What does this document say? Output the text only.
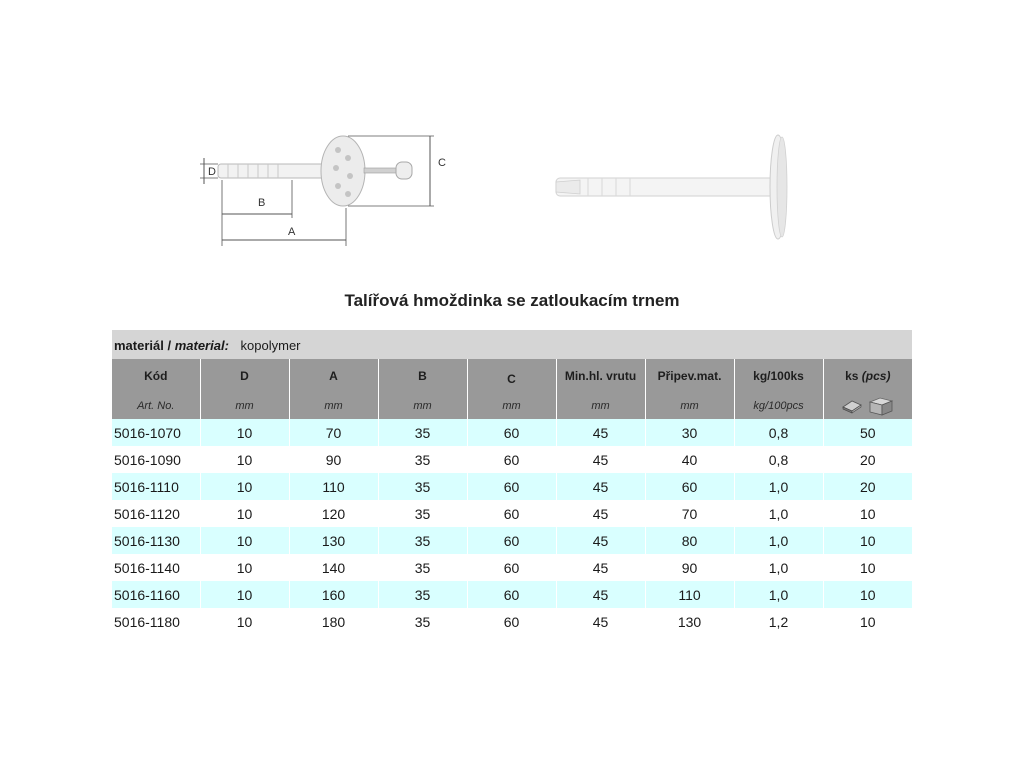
D
B
A
C
Talířová hmoždinka se zatloukacím trnem
materiál / material: kopolymer								
Kód	D	A	B	C	Min.hl. vrutu	Připev.mat.	kg/100ks	ks (pcs)
Art. No.	mm	mm	mm	mm	mm	mm	kg/100pcs	

5016-1070	10	70	35	60	45	30	0,8	50
5016-1090	10	90	35	60	45	40	0,8	20
5016-1110	10	110	35	60	45	60	1,0	20
5016-1120	10	120	35	60	45	70	1,0	10
5016-1130	10	130	35	60	45	80	1,0	10
5016-1140	10	140	35	60	45	90	1,0	10
5016-1160	10	160	35	60	45	110	1,0	10
5016-1180	10	180	35	60	45	130	1,2	10
